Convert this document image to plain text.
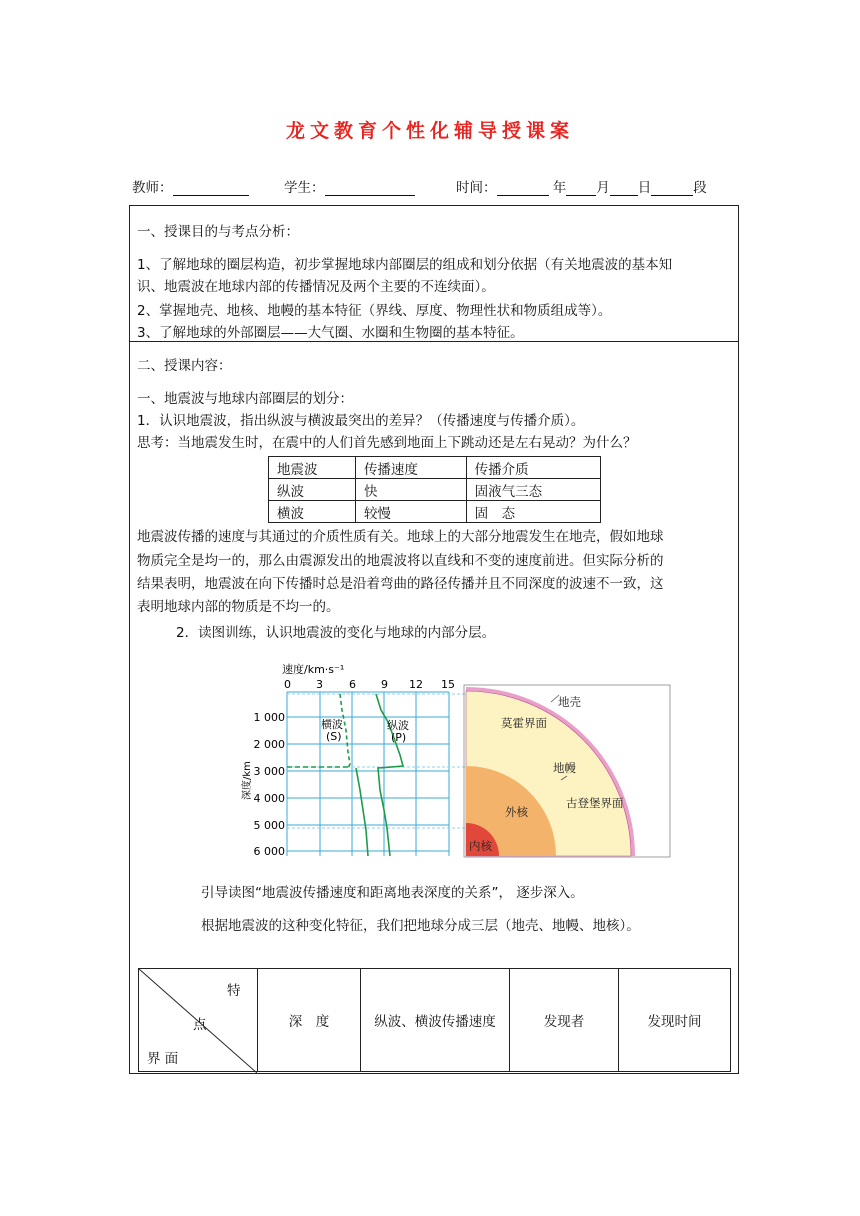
龙文教育个性化辅导授课案
教师：	学生：	时间：	年 月 日	段
一、授课目的与考点分析：
1、了解地球的圈层构造，初步掌握地球内部圈层的组成和划分依据（有关地震波的基本知
识、地震波在地球内部的传播情况及两个主要的不连续面）。
2、掌握地壳、地核、地幔的基本特征（界线、厚度、物理性状和物质组成等）。
3、了解地球的外部圈层——大气圈、水圈和生物圈的基本特征。
二、授课内容：
一、地震波与地球内部圈层的划分：
1．认识地震波，指出纵波与横波最突出的差异？（传播速度与传播介质）。
思考：当地震发生时，在震中的人们首先感到地面上下跳动还是左右晃动？为什么？
地震波	传播速度	传播介质
纵波	快	固液气三态
横波	较慢	固　态
地震波传播的速度与其通过的介质性质有关。地球上的大部分地震发生在地壳，假如地球
物质完全是均一的，那么由震源发出的地震波将以直线和不变的速度前进。但实际分析的
结果表明，地震波在向下传播时总是沿着弯曲的路径传播并且不同深度的波速不一致，这
表明地球内部的物质是不均一的。
2．读图训练，认识地震波的变化与地球的内部分层。
速度/km·s⁻¹
0 3 6 9 12 15
1 000
2 000
3 000
4 000
5 000
6 000
深度/km
横波
(S)
纵波
(P)
地壳
莫霍界面
地幔
外核
古登堡界面
内核
引导读图“地震波传播速度和距离地表深度的关系”， 逐步深入。
根据地震波的这种变化特征，我们把地球分成三层（地壳、地幔、地核）。
特
点
界 面
	深　度	纵波、横波传播速度	发现者	发现时间
